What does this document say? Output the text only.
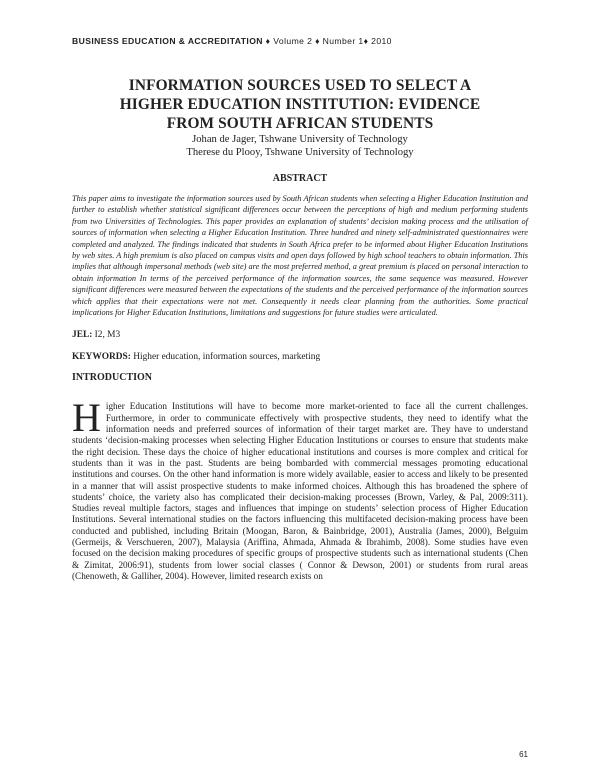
BUSINESS EDUCATION & ACCREDITATION ♦ Volume 2 ♦ Number 1♦ 2010
INFORMATION SOURCES USED TO SELECT A
HIGHER EDUCATION INSTITUTION: EVIDENCE
FROM SOUTH AFRICAN STUDENTS
Johan de Jager, Tshwane University of Technology
Therese du Plooy, Tshwane University of Technology
ABSTRACT

This paper aims to investigate the information sources used by South African students when selecting a Higher Education Institution and further to establish whether statistical significant differences occur between the perceptions of high and medium performing students from two Universities of Technologies. This paper provides an explanation of students’ decision making process and the utilisation of sources of information when selecting a Higher Education Institution. Three hundred and ninety self-administrated questionnaires were completed and analyzed. The findings indicated that students in South Africa prefer to be informed about Higher Education Institutions by web sites. A high premium is also placed on campus visits and open days followed by high school teachers to obtain information. This implies that although impersonal methods (web site) are the most preferred method, a great premium is placed on personal interaction to obtain information In terms of the perceived performance of the information sources, the same sequence was measured. However significant differences were measured between the expectations of the students and the perceived performance of the information sources which applies that their expectations were not met. Consequently it needs clear planning from the authorities. Some practical implications for Higher Education Institutions, limitations and suggestions for future studies were articulated.

JEL: I2, M3
KEYWORDS: Higher education, information sources, marketing
INTRODUCTION
Higher Education Institutions will have to become more market-oriented to face all the current challenges. Furthermore, in order to communicate effectively with prospective students, they need to identify what the information needs and preferred sources of information of their target market are. They have to understand students ‘decision-making processes when selecting Higher Education Institutions or courses to ensure that students make the right decision. These days the choice of higher educational institutions and courses is more complex and critical for students than it was in the past. Students are being bombarded with commercial messages promoting educational institutions and courses. On the other hand information is more widely available, easier to access and likely to be presented in a manner that will assist prospective students to make informed choices. Although this has broadened the sphere of students’ choice, the variety also has complicated their decision-making processes (Brown, Varley, & Pal, 2009:311). Studies reveal multiple factors, stages and influences that impinge on students’ selection process of Higher Education Institutions. Several international studies on the factors influencing this multifaceted decision-making process have been conducted and published, including Britain (Moogan, Baron, & Bainbridge, 2001), Australia (James, 2000), Belguim (Germeijs, & Verschueren, 2007), Malaysia (Ariffina, Ahmada, Ahmada & Ibrahimb, 2008). Some studies have even focused on the decision making procedures of specific groups of prospective students such as international students (Chen & Zimitat, 2006:91), students from lower social classes ( Connor & Dewson, 2001) or students from rural areas (Chenoweth, & Galliher, 2004). However, limited research exists on
61
